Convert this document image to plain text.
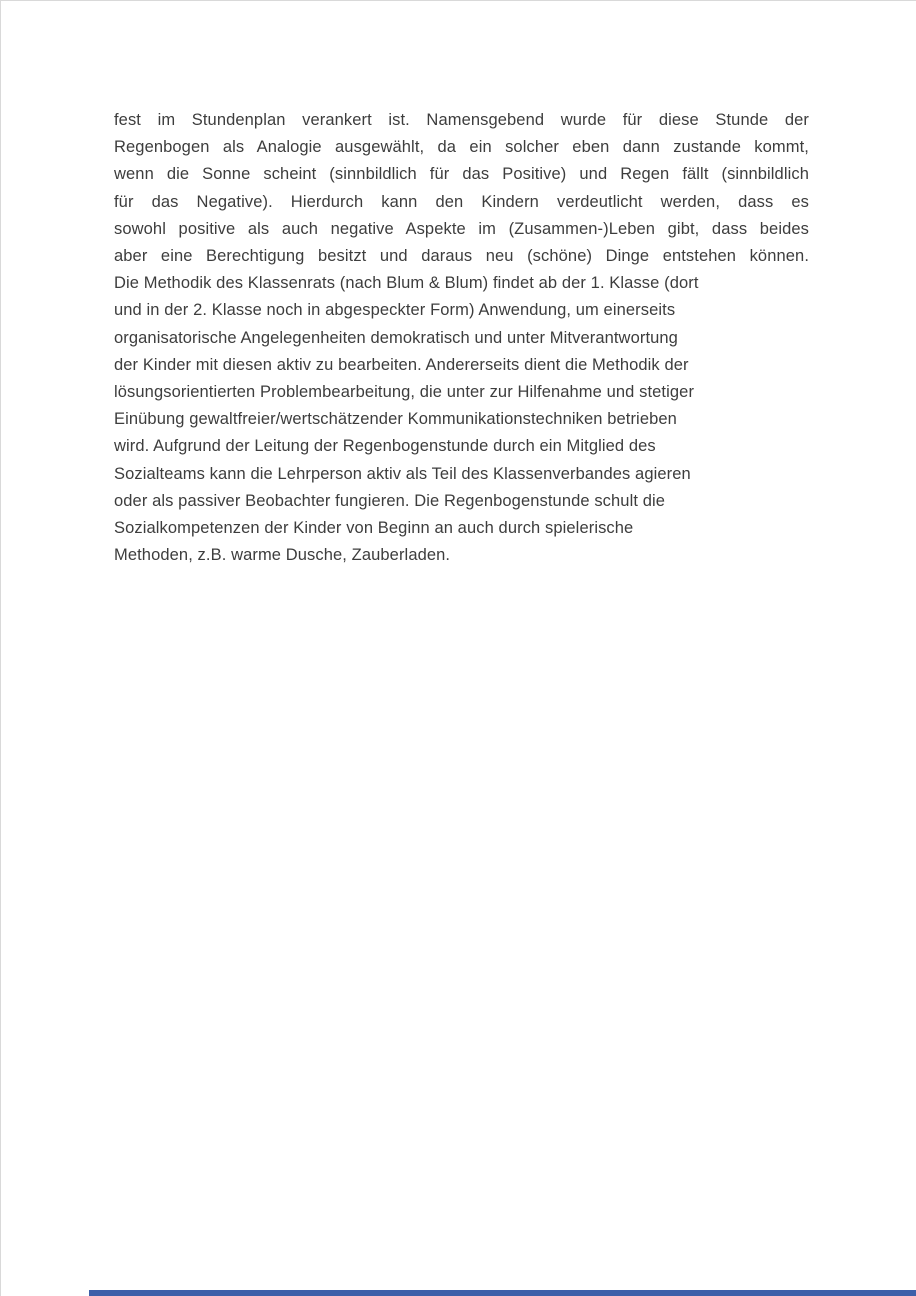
fest im Stundenplan verankert ist. Namensgebend wurde für diese Stunde der
Regenbogen als Analogie ausgewählt, da ein solcher eben dann zustande kommt,
wenn die Sonne scheint (sinnbildlich für das Positive) und Regen fällt (sinnbildlich
für das Negative). Hierdurch kann den Kindern verdeutlicht werden, dass es
sowohl positive als auch negative Aspekte im (Zusammen-)Leben gibt, dass beides
aber eine Berechtigung besitzt und daraus neu (schöne) Dinge entstehen können.
Die Methodik des Klassenrats (nach Blum & Blum) findet ab der 1. Klasse (dort
und in der 2. Klasse noch in abgespeckter Form) Anwendung, um einerseits
organisatorische Angelegenheiten demokratisch und unter Mitverantwortung
der Kinder mit diesen aktiv zu bearbeiten. Andererseits dient die Methodik der
lösungsorientierten Problembearbeitung, die unter zur Hilfenahme und stetiger
Einübung gewaltfreier/wertschätzender Kommunikationstechniken betrieben
wird. Aufgrund der Leitung der Regenbogenstunde durch ein Mitglied des
Sozialteams kann die Lehrperson aktiv als Teil des Klassenverbandes agieren
oder als passiver Beobachter fungieren. Die Regenbogenstunde schult die
Sozialkompetenzen der Kinder von Beginn an auch durch spielerische
Methoden, z.B. warme Dusche, Zauberladen.
